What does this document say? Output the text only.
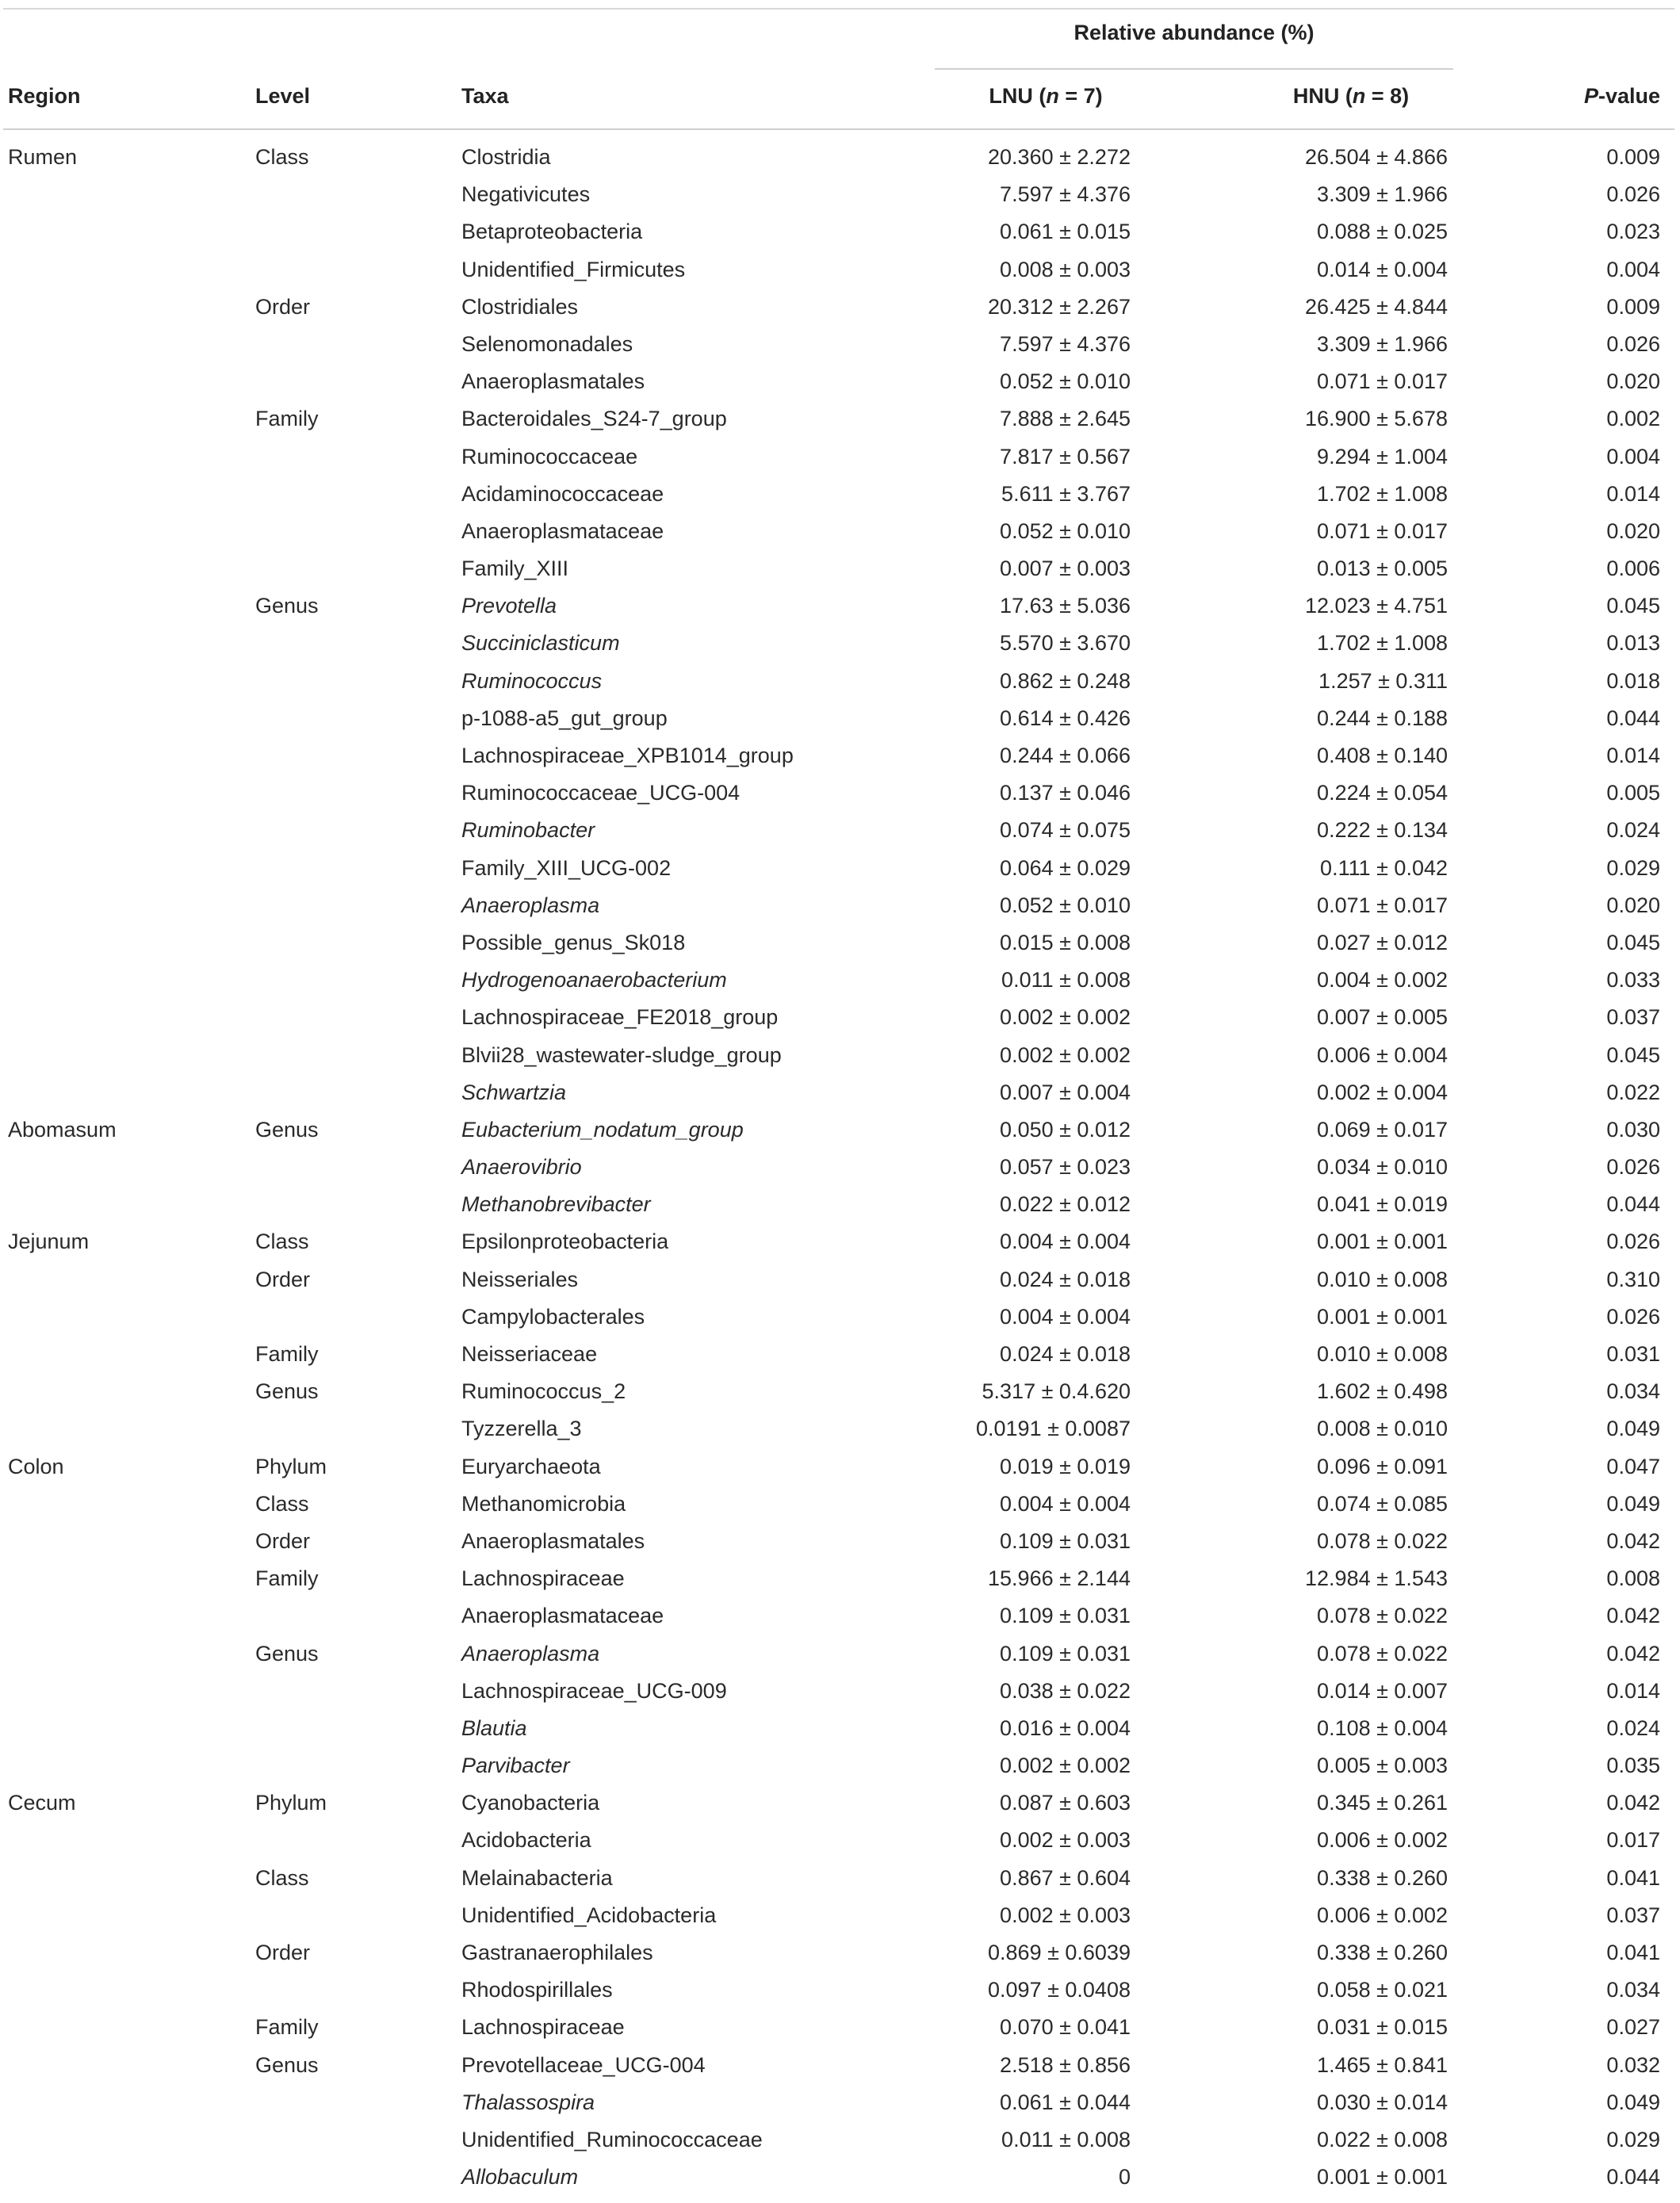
Relative abundance (%)
Region	Level	Taxa	LNU (n = 7)	HNU (n = 8)	P-value
Rumen	Class	Clostridia	20.360 ± 2.272	26.504 ± 4.866	0.009
Negativicutes	7.597 ± 4.376	3.309 ± 1.966	0.026
Betaproteobacteria	0.061 ± 0.015	0.088 ± 0.025	0.023
Unidentified_Firmicutes	0.008 ± 0.003	0.014 ± 0.004	0.004
Order	Clostridiales	20.312 ± 2.267	26.425 ± 4.844	0.009
Selenomonadales	7.597 ± 4.376	3.309 ± 1.966	0.026
Anaeroplasmatales	0.052 ± 0.010	0.071 ± 0.017	0.020
Family	Bacteroidales_S24-7_group	7.888 ± 2.645	16.900 ± 5.678	0.002
Ruminococcaceae	7.817 ± 0.567	9.294 ± 1.004	0.004
Acidaminococcaceae	5.611 ± 3.767	1.702 ± 1.008	0.014
Anaeroplasmataceae	0.052 ± 0.010	0.071 ± 0.017	0.020
Family_XIII	0.007 ± 0.003	0.013 ± 0.005	0.006
Genus	Prevotella	17.63 ± 5.036	12.023 ± 4.751	0.045
Succiniclasticum	5.570 ± 3.670	1.702 ± 1.008	0.013
Ruminococcus	0.862 ± 0.248	1.257 ± 0.311	0.018
p-1088-a5_gut_group	0.614 ± 0.426	0.244 ± 0.188	0.044
Lachnospiraceae_XPB1014_group	0.244 ± 0.066	0.408 ± 0.140	0.014
Ruminococcaceae_UCG-004	0.137 ± 0.046	0.224 ± 0.054	0.005
Ruminobacter	0.074 ± 0.075	0.222 ± 0.134	0.024
Family_XIII_UCG-002	0.064 ± 0.029	0.111 ± 0.042	0.029
Anaeroplasma	0.052 ± 0.010	0.071 ± 0.017	0.020
Possible_genus_Sk018	0.015 ± 0.008	0.027 ± 0.012	0.045
Hydrogenoanaerobacterium	0.011 ± 0.008	0.004 ± 0.002	0.033
Lachnospiraceae_FE2018_group	0.002 ± 0.002	0.007 ± 0.005	0.037
Blvii28_wastewater-sludge_group	0.002 ± 0.002	0.006 ± 0.004	0.045
Schwartzia	0.007 ± 0.004	0.002 ± 0.004	0.022
Abomasum	Genus	Eubacterium_nodatum_group	0.050 ± 0.012	0.069 ± 0.017	0.030
Anaerovibrio	0.057 ± 0.023	0.034 ± 0.010	0.026
Methanobrevibacter	0.022 ± 0.012	0.041 ± 0.019	0.044
Jejunum	Class	Epsilonproteobacteria	0.004 ± 0.004	0.001 ± 0.001	0.026
Order	Neisseriales	0.024 ± 0.018	0.010 ± 0.008	0.310
Campylobacterales	0.004 ± 0.004	0.001 ± 0.001	0.026
Family	Neisseriaceae	0.024 ± 0.018	0.010 ± 0.008	0.031
Genus	Ruminococcus_2	5.317 ± 0.4.620	1.602 ± 0.498	0.034
Tyzzerella_3	0.0191 ± 0.0087	0.008 ± 0.010	0.049
Colon	Phylum	Euryarchaeota	0.019 ± 0.019	0.096 ± 0.091	0.047
Class	Methanomicrobia	0.004 ± 0.004	0.074 ± 0.085	0.049
Order	Anaeroplasmatales	0.109 ± 0.031	0.078 ± 0.022	0.042
Family	Lachnospiraceae	15.966 ± 2.144	12.984 ± 1.543	0.008
Anaeroplasmataceae	0.109 ± 0.031	0.078 ± 0.022	0.042
Genus	Anaeroplasma	0.109 ± 0.031	0.078 ± 0.022	0.042
Lachnospiraceae_UCG-009	0.038 ± 0.022	0.014 ± 0.007	0.014
Blautia	0.016 ± 0.004	0.108 ± 0.004	0.024
Parvibacter	0.002 ± 0.002	0.005 ± 0.003	0.035
Cecum	Phylum	Cyanobacteria	0.087 ± 0.603	0.345 ± 0.261	0.042
Acidobacteria	0.002 ± 0.003	0.006 ± 0.002	0.017
Class	Melainabacteria	0.867 ± 0.604	0.338 ± 0.260	0.041
Unidentified_Acidobacteria	0.002 ± 0.003	0.006 ± 0.002	0.037
Order	Gastranaerophilales	0.869 ± 0.6039	0.338 ± 0.260	0.041
Rhodospirillales	0.097 ± 0.0408	0.058 ± 0.021	0.034
Family	Lachnospiraceae	0.070 ± 0.041	0.031 ± 0.015	0.027
Genus	Prevotellaceae_UCG-004	2.518 ± 0.856	1.465 ± 0.841	0.032
Thalassospira	0.061 ± 0.044	0.030 ± 0.014	0.049
Unidentified_Ruminococcaceae	0.011 ± 0.008	0.022 ± 0.008	0.029
Allobaculum	0	0.001 ± 0.001	0.044
